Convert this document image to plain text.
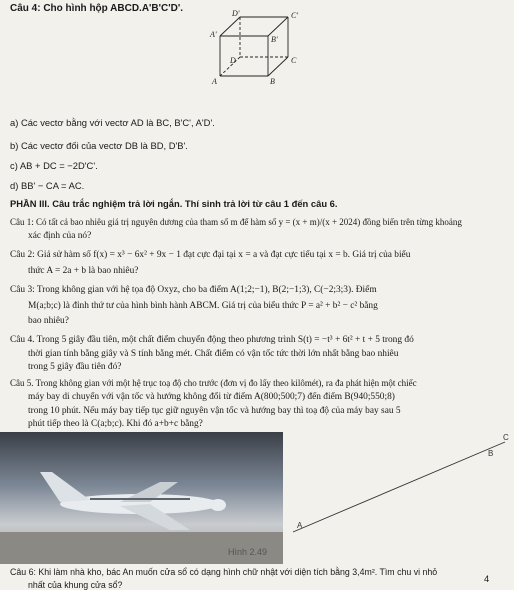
Câu 4: Cho hình hộp ABCD.A'B'C'D'.	D'	C'
A'
B'
D	C
A	B

a) Các vectơ bằng với vectơ AD là BC, B'C', A'D'.

b) Các vectơ đối của vectơ DB là BD, D'B'.

c) AB + DC = −2D'C'.

d) BB' − CA = AC.

PHẦN III. Câu trắc nghiệm trả lời ngắn. Thí sinh trả lời từ câu 1 đến câu 6.

Câu 1: Có tất cả bao nhiêu giá trị nguyên dương của tham số m để hàm số y = (x + m)/(x + 2024) đồng biến trên từng khoảng

xác định của nó?

Câu 2: Giả sử hàm số f(x) = x³ − 6x² + 9x − 1 đạt cực đại tại x = a và đạt cực tiểu tại x = b. Giá trị của biểu

thức A = 2a + b là bao nhiêu?

Câu 3: Trong không gian với hệ tọa độ Oxyz, cho ba điểm A(1;2;−1), B(2;−1;3), C(−2;3;3). Điểm

M(a;b;c) là đỉnh thứ tư của hình bình hành ABCM. Giá trị của biểu thức P = a² + b² − c² bằng

bao nhiêu?

Câu 4. Trong 5 giây đầu tiên, một chất điểm chuyển động theo phương trình S(t) = −t³ + 6t² + t + 5 trong đó

thời gian tính bằng giây và S tính bằng mét. Chất điểm có vận tốc tức thời lớn nhất bằng bao nhiêu

trong 5 giây đầu tiên đó?

Câu 5. Trong không gian với một hệ trục toạ độ cho trước (đơn vị đo lấy theo kilômét), ra đa phát hiện một chiếc

máy bay di chuyển với vận tốc và hướng không đổi từ điểm A(800;500;7) đến điểm B(940;550;8)

trong 10 phút. Nếu máy bay tiếp tục giữ nguyên vận tốc và hướng bay thì toạ độ của máy bay sau 5

phút tiếp theo là C(a;b;c). Khi đó a+b+c bằng?

A
B
C

Hình 2.49

Câu 6: Khi làm nhà kho, bác An muốn cửa sổ có dạng hình chữ nhật với diện tích bằng 3,4m². Tìm chu vi nhỏ

nhất của khung cửa sổ?

4
